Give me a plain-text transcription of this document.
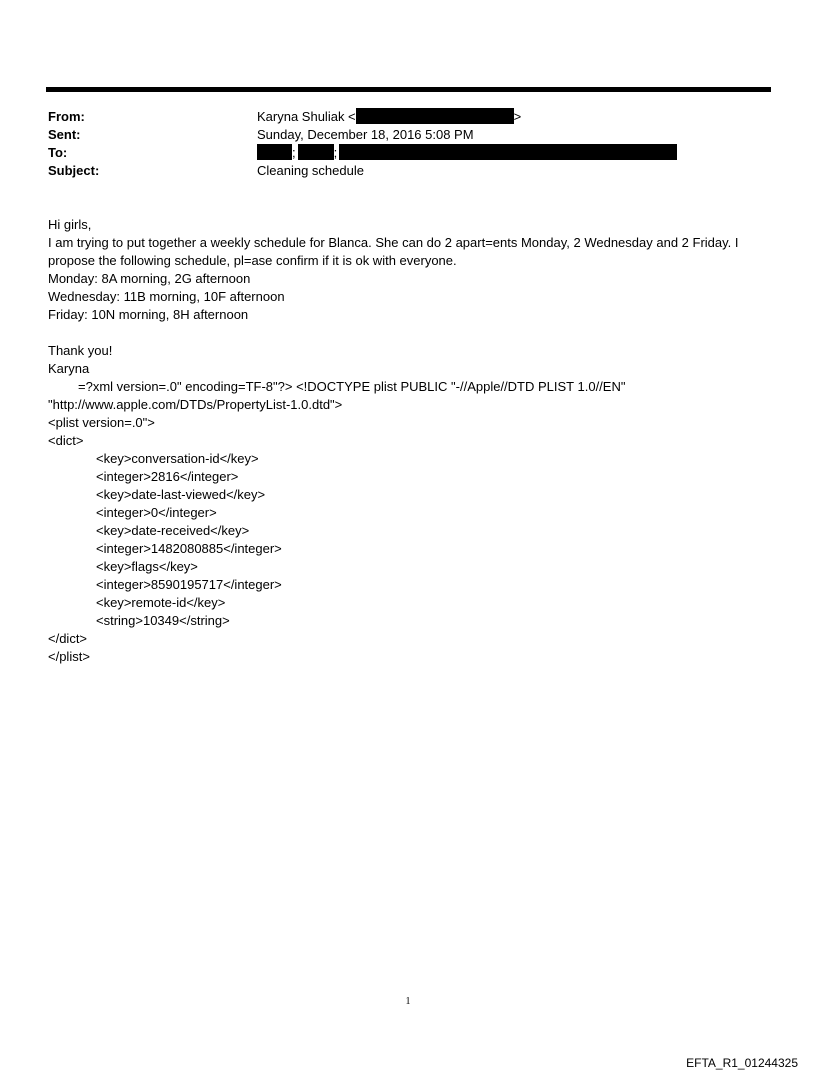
From:	Karyna Shuliak <	>
Sent:	Sunday, December 18, 2016 5:08 PM
To:	;	;
Subject:	Cleaning schedule
Hi girls,
I am trying to put together a weekly schedule for Blanca. She can do 2 apart=ents Monday, 2 Wednesday and 2 Friday. I
propose the following schedule, pl=ase confirm if it is ok with everyone.
Monday: 8A morning, 2G afternoon
Wednesday: 11B morning, 10F afternoon
Friday: 10N morning, 8H afternoon
Thank you!
Karyna
=?xml version=.0" encoding=TF-8"?> <!DOCTYPE plist PUBLIC "-//Apple//DTD PLIST 1.0//EN"
"http://www.apple.com/DTDs/PropertyList-1.0.dtd">
<plist version=.0">
<dict>
<key>conversation-id</key>
<integer>2816</integer>
<key>date-last-viewed</key>
<integer>0</integer>
<key>date-received</key>
<integer>1482080885</integer>
<key>flags</key>
<integer>8590195717</integer>
<key>remote-id</key>
<string>10349</string>
</dict>
</plist>
1
EFTA_R1_01244325
